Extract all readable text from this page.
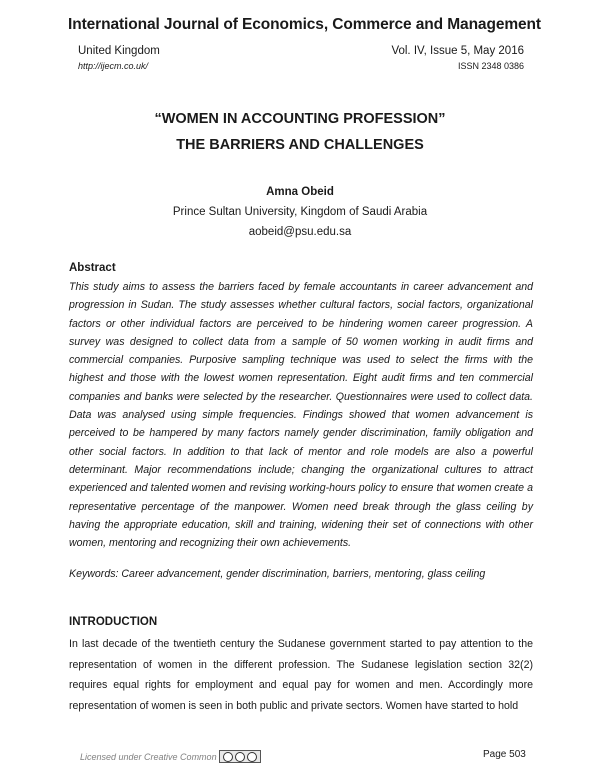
International Journal of Economics, Commerce and Management
United Kingdom	Vol. IV, Issue 5, May 2016
http://ijecm.co.uk/	ISSN 2348 0386
“WOMEN IN ACCOUNTING PROFESSION”
THE BARRIERS AND CHALLENGES
Amna Obeid
Prince Sultan University, Kingdom of Saudi Arabia
aobeid@psu.edu.sa
Abstract
This study aims to assess the barriers faced by female accountants in career advancement and progression in Sudan. The study assesses whether cultural factors, social factors, organizational factors or other individual factors are perceived to be hindering women career progression. A survey was designed to collect data from a sample of 50 women working in audit firms and commercial companies. Purposive sampling technique was used to select the firms with the highest and those with the lowest women representation. Eight audit firms and ten commercial companies and banks were selected by the researcher. Questionnaires were used to collect data. Data was analysed using simple frequencies. Findings showed that women advancement is perceived to be hampered by many factors namely gender discrimination, family obligation and other social factors. In addition to that lack of mentor and role models are also a powerful determinant. Major recommendations include; changing the organizational cultures to attract experienced and talented women and revising working-hours policy to ensure that women create a representative percentage of the manpower. Women need break through the glass ceiling by having the appropriate education, skill and training, widening their set of connections with other women, mentoring and recognizing their own achievements.
Keywords: Career advancement, gender discrimination, barriers, mentoring, glass ceiling
INTRODUCTION
In last decade of the twentieth century the Sudanese government started to pay attention to the representation of women in the different profession. The Sudanese legislation section 32(2) requires equal rights for employment and equal pay for women and men. Accordingly more representation of women is seen in both public and private sectors. Women have started to hold
Licensed under Creative Common	Page 503
